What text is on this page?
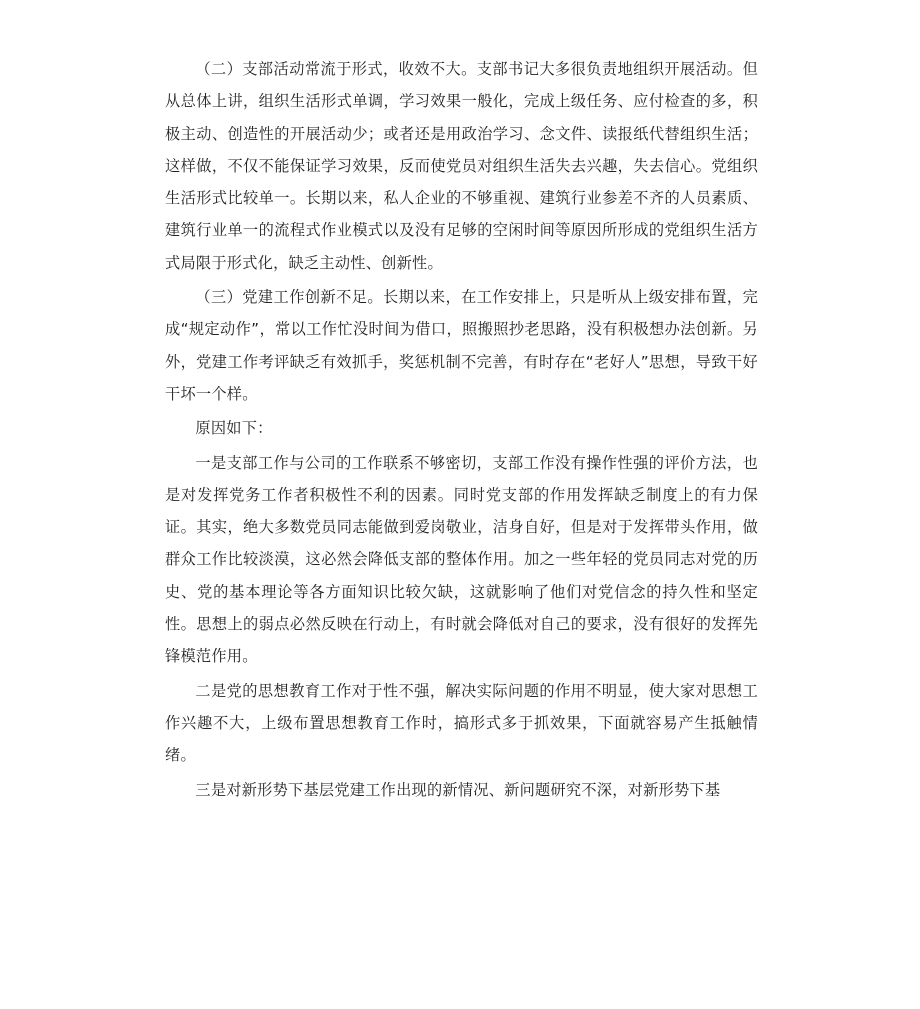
（二）支部活动常流于形式，收效不大。支部书记大多很负责地组织开展活动。但从总体上讲，组织生活形式单调，学习效果一般化，完成上级任务、应付检查的多，积极主动、创造性的开展活动少；或者还是用政治学习、念文件、读报纸代替组织生活；这样做，不仅不能保证学习效果，反而使党员对组织生活失去兴趣，失去信心。党组织生活形式比较单一。长期以来，私人企业的不够重视、建筑行业参差不齐的人员素质、建筑行业单一的流程式作业模式以及没有足够的空闲时间等原因所形成的党组织生活方式局限于形式化，缺乏主动性、创新性。

（三）党建工作创新不足。长期以来，在工作安排上，只是听从上级安排布置，完成“规定动作”，常以工作忙没时间为借口，照搬照抄老思路，没有积极想办法创新。另外，党建工作考评缺乏有效抓手，奖惩机制不完善，有时存在“老好人”思想，导致干好干坏一个样。

原因如下：

一是支部工作与公司的工作联系不够密切，支部工作没有操作性强的评价方法，也是对发挥党务工作者积极性不利的因素。同时党支部的作用发挥缺乏制度上的有力保证。其实，绝大多数党员同志能做到爱岗敬业，洁身自好，但是对于发挥带头作用，做群众工作比较淡漠，这必然会降低支部的整体作用。加之一些年轻的党员同志对党的历史、党的基本理论等各方面知识比较欠缺，这就影响了他们对党信念的持久性和坚定性。思想上的弱点必然反映在行动上，有时就会降低对自己的要求，没有很好的发挥先锋模范作用。

二是党的思想教育工作对于性不强，解决实际问题的作用不明显，使大家对思想工作兴趣不大，上级布置思想教育工作时，搞形式多于抓效果，下面就容易产生抵触情绪。

三是对新形势下基层党建工作出现的新情况、新问题研究不深，对新形势下基
